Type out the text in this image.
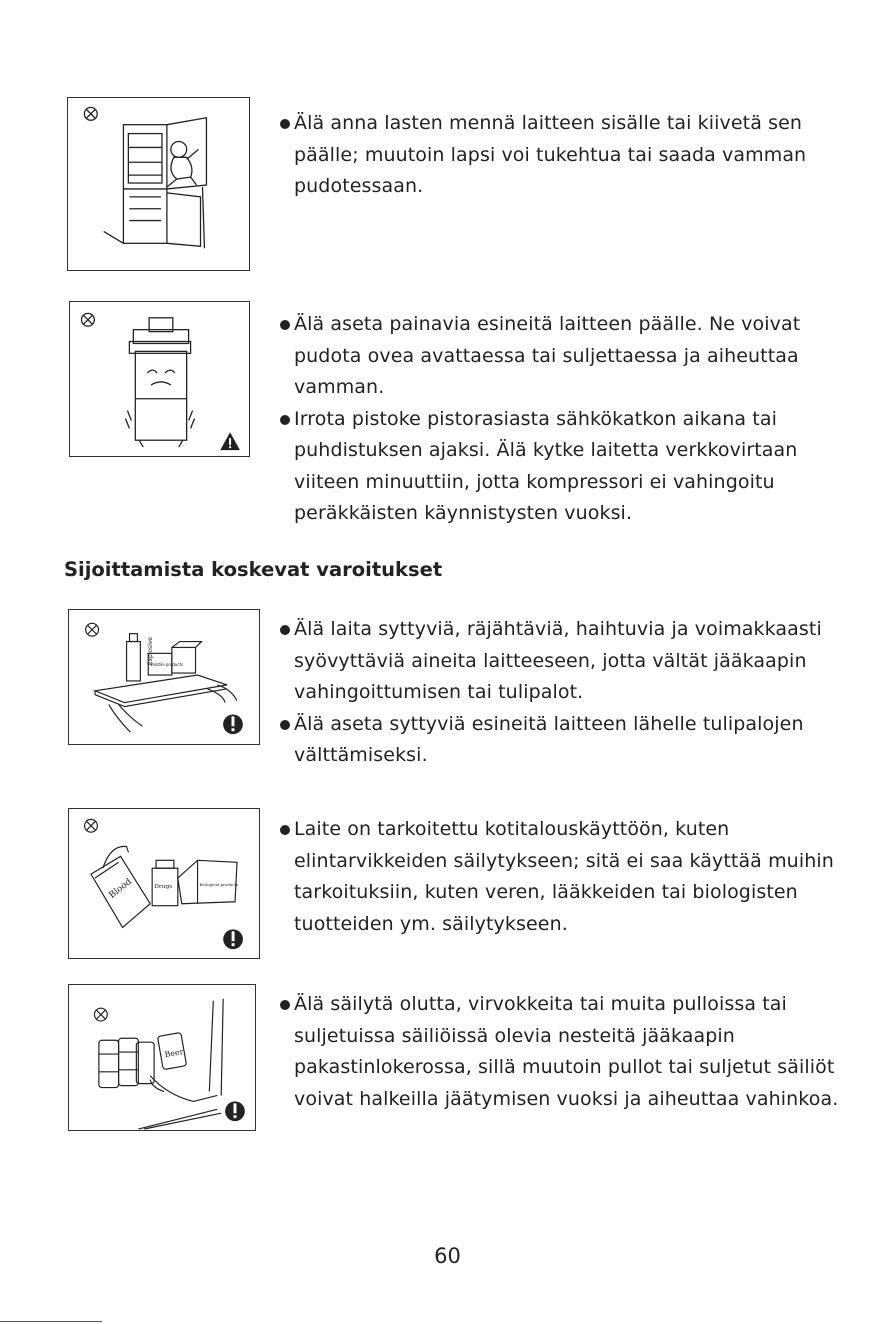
Älä anna lasten mennä laitteen sisälle tai kiivetä sen päälle; muutoin lapsi voi tukehtua tai saada vamman pudotessaan.

Älä aseta painavia esineitä laitteen päälle. Ne voivat pudota ovea avattaessa tai suljettaessa ja aiheuttaa vamman.

Irrota pistoke pistorasiasta sähkökatkon aikana tai puhdistuksen ajaksi. Älä kytke laitetta verkkovirtaan viiteen minuuttiin, jotta kompressori ei vahingoitu peräkkäisten käynnistysten vuoksi.

Sijoittamista koskevat varoitukset
Explosive
Volatile products

Älä laita syttyviä, räjähtäviä, haihtuvia ja voimakkaasti syövyttäviä aineita laitteeseen, jotta vältät jääkaapin vahingoittumisen tai tulipalot.

Älä aseta syttyviä esineitä laitteen lähelle tulipalojen välttämiseksi.

Blood	Drugs	Biological products

Laite on tarkoitettu kotitalouskäyttöön, kuten elintarvikkeiden säilytykseen; sitä ei saa käyttää muihin tarkoituksiin, kuten veren, lääkkeiden tai biologisten tuotteiden ym. säilytykseen.

Beer

Älä säilytä olutta, virvokkeita tai muita pulloissa tai suljetuissa säiliöissä olevia nesteitä jääkaapin pakastinlokerossa, sillä muutoin pullot tai suljetut säiliöt voivat halkeilla jäätymisen vuoksi ja aiheuttaa vahinkoa.

60
